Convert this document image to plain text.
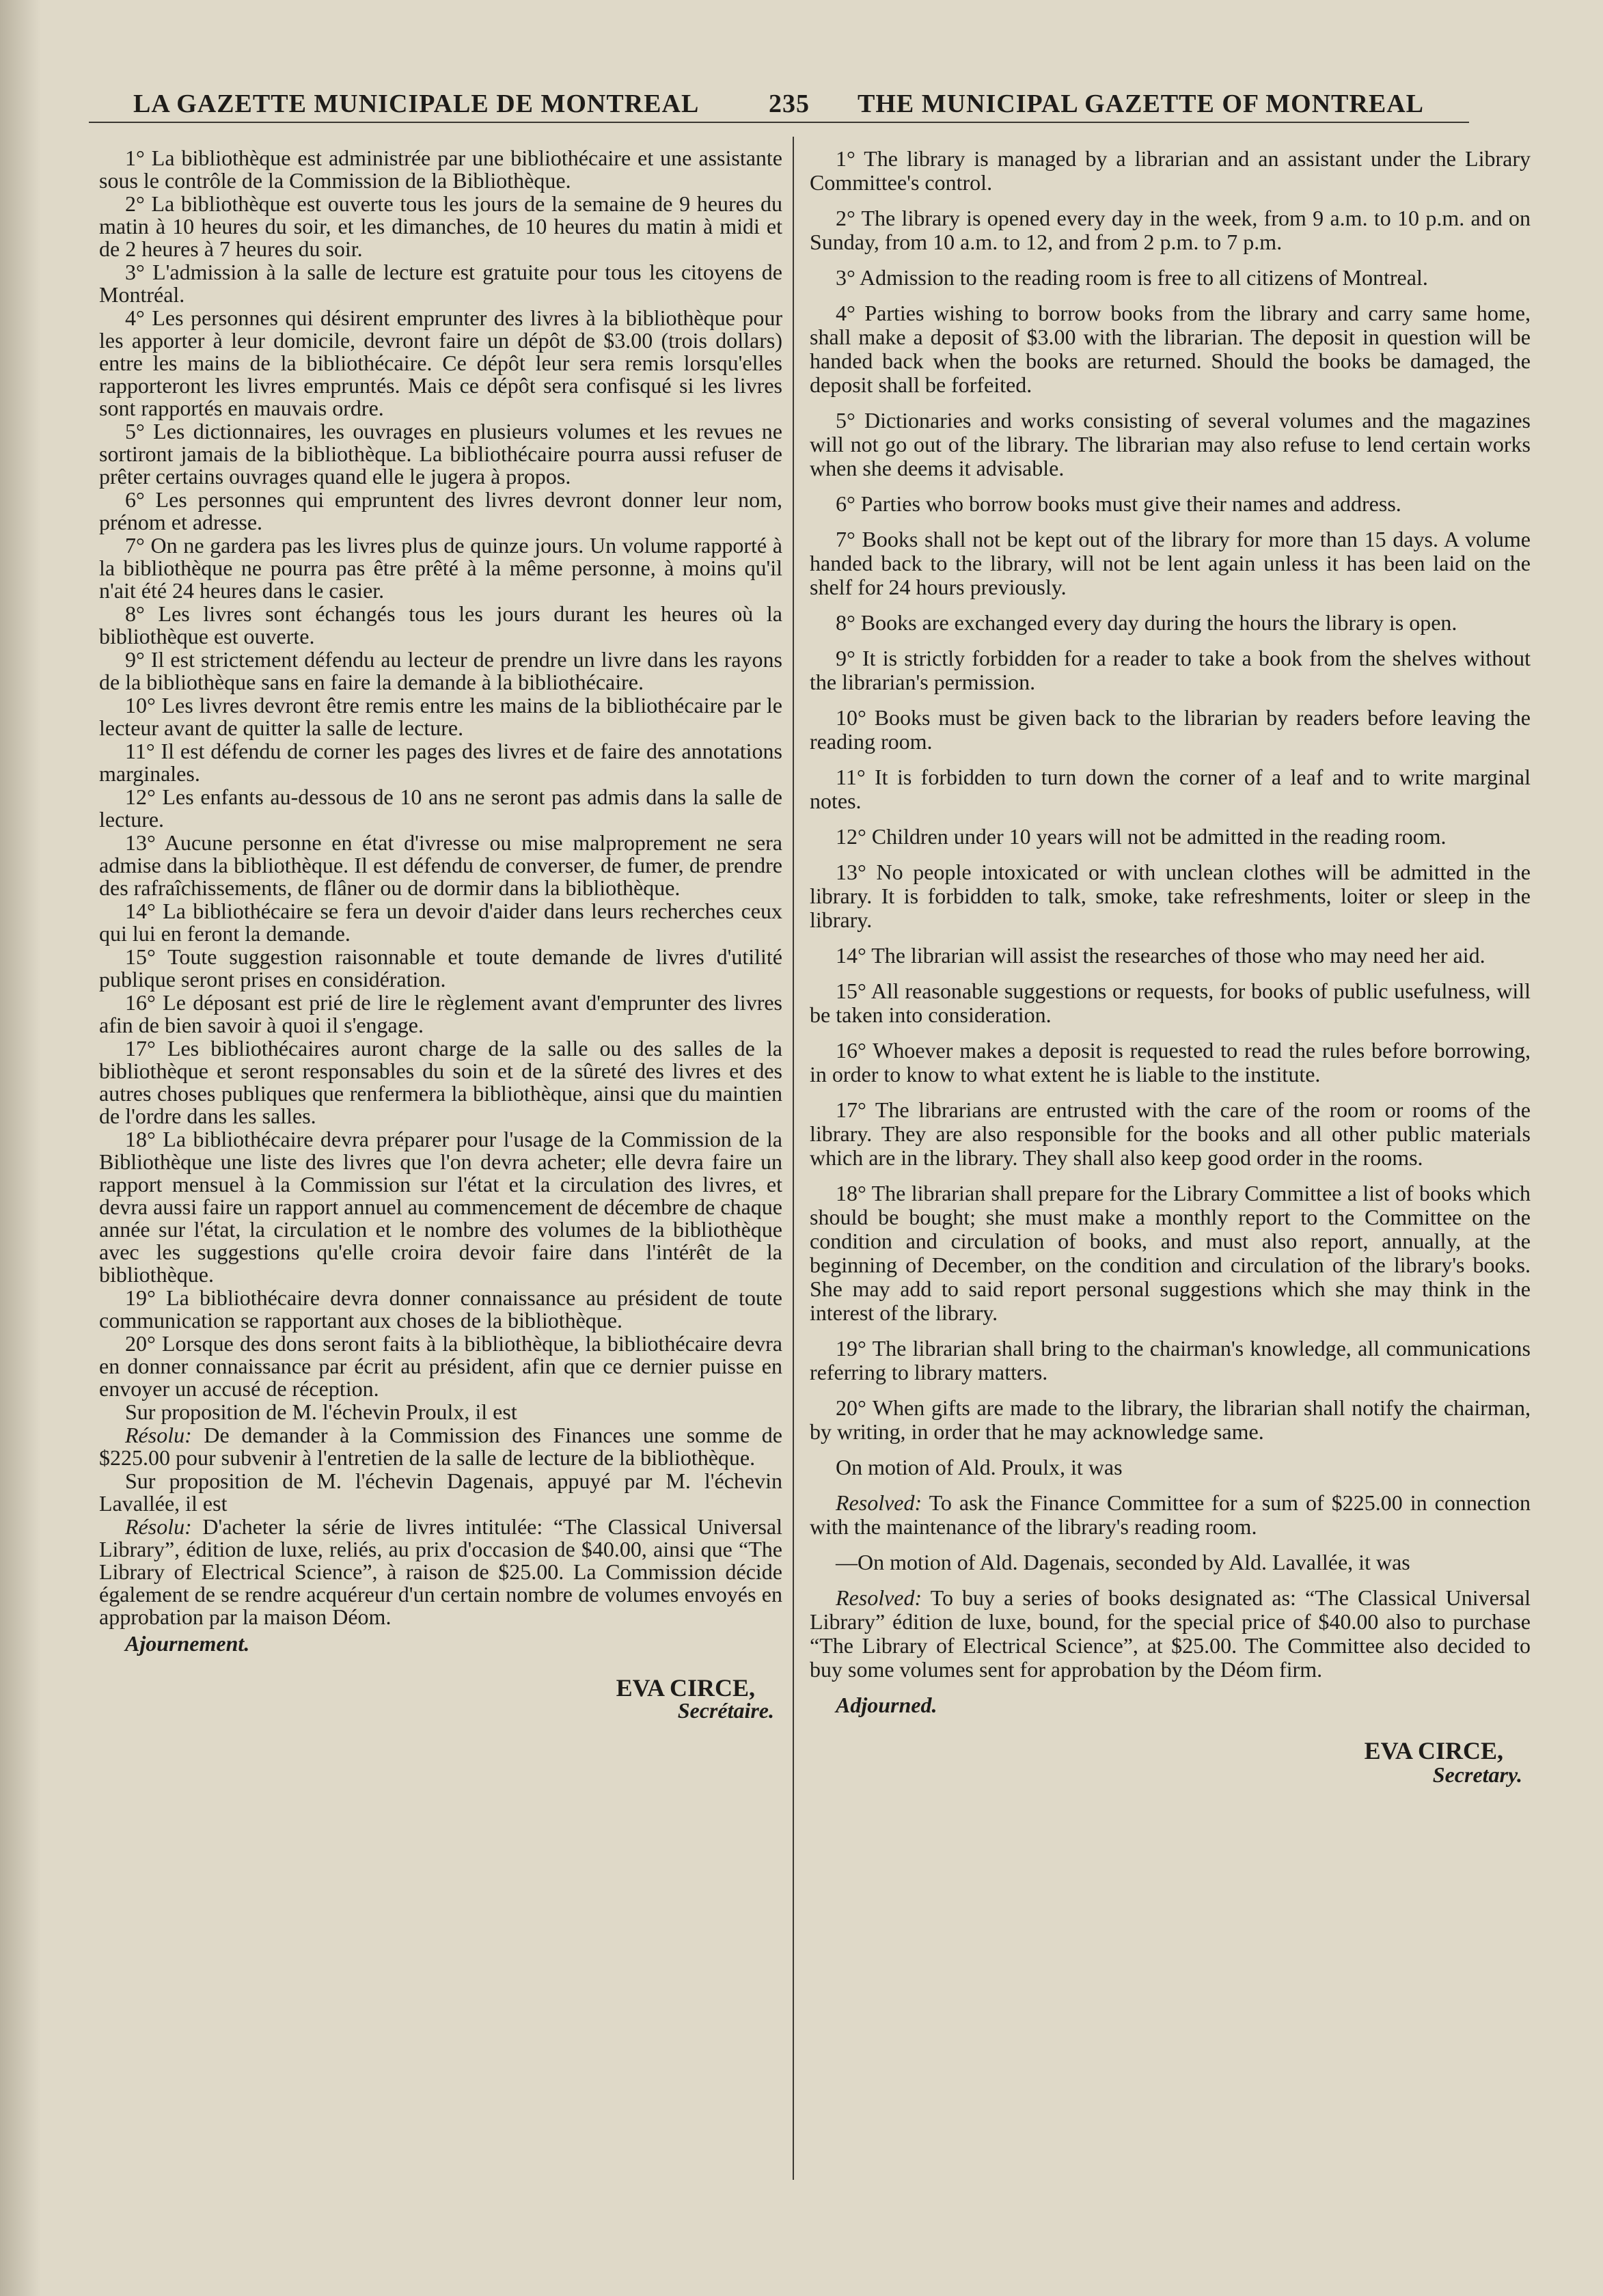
LA GAZETTE MUNICIPALE DE MONTREAL	235 THE MUNICIPAL GAZETTE OF MONTREAL

1° La bibliothèque est administrée par une bibliothécaire et une assistante sous le contrôle de la Commission de la Bibliothèque.

2° La bibliothèque est ouverte tous les jours de la semaine de 9 heures du matin à 10 heures du soir, et les dimanches, de 10 heures du matin à midi et de 2 heures à 7 heures du soir.

3° L'admission à la salle de lecture est gratuite pour tous les citoyens de Montréal.

4° Les personnes qui désirent emprunter des livres à la bibliothèque pour les apporter à leur domicile, devront faire un dépôt de $3.00 (trois dollars) entre les mains de la bibliothécaire. Ce dépôt leur sera remis lorsqu'elles rapporteront les livres empruntés. Mais ce dépôt sera confisqué si les livres sont rapportés en mauvais ordre.

5° Les dictionnaires, les ouvrages en plusieurs volumes et les revues ne sortiront jamais de la bibliothèque. La bibliothécaire pourra aussi refuser de prêter certains ouvrages quand elle le jugera à propos.

6° Les personnes qui empruntent des livres devront donner leur nom, prénom et adresse.

7° On ne gardera pas les livres plus de quinze jours. Un volume rapporté à la bibliothèque ne pourra pas être prêté à la même personne, à moins qu'il n'ait été 24 heures dans le casier.

8° Les livres sont échangés tous les jours durant les heures où la bibliothèque est ouverte.

9° Il est strictement défendu au lecteur de prendre un livre dans les rayons de la bibliothèque sans en faire la demande à la bibliothécaire.

10° Les livres devront être remis entre les mains de la bibliothécaire par le lecteur avant de quitter la salle de lecture.

11° Il est défendu de corner les pages des livres et de faire des annotations marginales.

12° Les enfants au-dessous de 10 ans ne seront pas admis dans la salle de lecture.

13° Aucune personne en état d'ivresse ou mise malproprement ne sera admise dans la bibliothèque. Il est défendu de converser, de fumer, de prendre des rafraîchissements, de flâner ou de dormir dans la bibliothèque.

14° La bibliothécaire se fera un devoir d'aider dans leurs recherches ceux qui lui en feront la demande.

15° Toute suggestion raisonnable et toute demande de livres d'utilité publique seront prises en considération.

16° Le déposant est prié de lire le règlement avant d'emprunter des livres afin de bien savoir à quoi il s'engage.

17° Les bibliothécaires auront charge de la salle ou des salles de la bibliothèque et seront responsables du soin et de la sûreté des livres et des autres choses publiques que renfermera la bibliothèque, ainsi que du maintien de l'ordre dans les salles.

18° La bibliothécaire devra préparer pour l'usage de la Commission de la Bibliothèque une liste des livres que l'on devra acheter; elle devra faire un rapport mensuel à la Commission sur l'état et la circulation des livres, et devra aussi faire un rapport annuel au commencement de décembre de chaque année sur l'état, la circulation et le nombre des volumes de la bibliothèque avec les suggestions qu'elle croira devoir faire dans l'intérêt de la bibliothèque.

19° La bibliothécaire devra donner connaissance au président de toute communication se rapportant aux choses de la bibliothèque.

20° Lorsque des dons seront faits à la bibliothèque, la bibliothécaire devra en donner connaissance par écrit au président, afin que ce dernier puisse en envoyer un accusé de réception.

Sur proposition de M. l'échevin Proulx, il est

Résolu: De demander à la Commission des Finances une somme de $225.00 pour subvenir à l'entretien de la salle de lecture de la bibliothèque.

Sur proposition de M. l'échevin Dagenais, appuyé par M. l'échevin Lavallée, il est

Résolu: D'acheter la série de livres intitulée: “The Classical Universal Library”, édition de luxe, reliés, au prix d'occasion de $40.00, ainsi que “The Library of Electrical Science”, à raison de $25.00. La Commission décide également de se rendre acquéreur d'un certain nombre de volumes envoyés en approbation par la maison Déom.

Ajournement.

EVA CIRCE,
Secrétaire.

1° The library is managed by a librarian and an assistant under the Library Committee's control.

2° The library is opened every day in the week, from 9 a.m. to 10 p.m. and on Sunday, from 10 a.m. to 12, and from 2 p.m. to 7 p.m.

3° Admission to the reading room is free to all citizens of Montreal.

4° Parties wishing to borrow books from the library and carry same home, shall make a deposit of $3.00 with the librarian. The deposit in question will be handed back when the books are returned. Should the books be damaged, the deposit shall be forfeited.

5° Dictionaries and works consisting of several volumes and the magazines will not go out of the library. The librarian may also refuse to lend certain works when she deems it advisable.

6° Parties who borrow books must give their names and address.

7° Books shall not be kept out of the library for more than 15 days. A volume handed back to the library, will not be lent again unless it has been laid on the shelf for 24 hours previously.

8° Books are exchanged every day during the hours the library is open.

9° It is strictly forbidden for a reader to take a book from the shelves without the librarian's permission.

10° Books must be given back to the librarian by readers before leaving the reading room.

11° It is forbidden to turn down the corner of a leaf and to write marginal notes.

12° Children under 10 years will not be admitted in the reading room.

13° No people intoxicated or with unclean clothes will be admitted in the library. It is forbidden to talk, smoke, take refreshments, loiter or sleep in the library.

14° The librarian will assist the researches of those who may need her aid.

15° All reasonable suggestions or requests, for books of public usefulness, will be taken into consideration.

16° Whoever makes a deposit is requested to read the rules before borrowing, in order to know to what extent he is liable to the institute.

17° The librarians are entrusted with the care of the room or rooms of the library. They are also responsible for the books and all other public materials which are in the library. They shall also keep good order in the rooms.

18° The librarian shall prepare for the Library Committee a list of books which should be bought; she must make a monthly report to the Committee on the condition and circulation of books, and must also report, annually, at the beginning of December, on the condition and circulation of the library's books. She may add to said report personal suggestions which she may think in the interest of the library.

19° The librarian shall bring to the chairman's knowledge, all communications referring to library matters.

20° When gifts are made to the library, the librarian shall notify the chairman, by writing, in order that he may acknowledge same.

On motion of Ald. Proulx, it was

Resolved: To ask the Finance Committee for a sum of $225.00 in connection with the maintenance of the library's reading room.

—On motion of Ald. Dagenais, seconded by Ald. Lavallée, it was

Resolved: To buy a series of books designated as: “The Classical Universal Library” édition de luxe, bound, for the special price of $40.00 also to purchase “The Library of Electrical Science”, at $25.00. The Committee also decided to buy some volumes sent for approbation by the Déom firm.

Adjourned.

EVA CIRCE,
Secretary.
